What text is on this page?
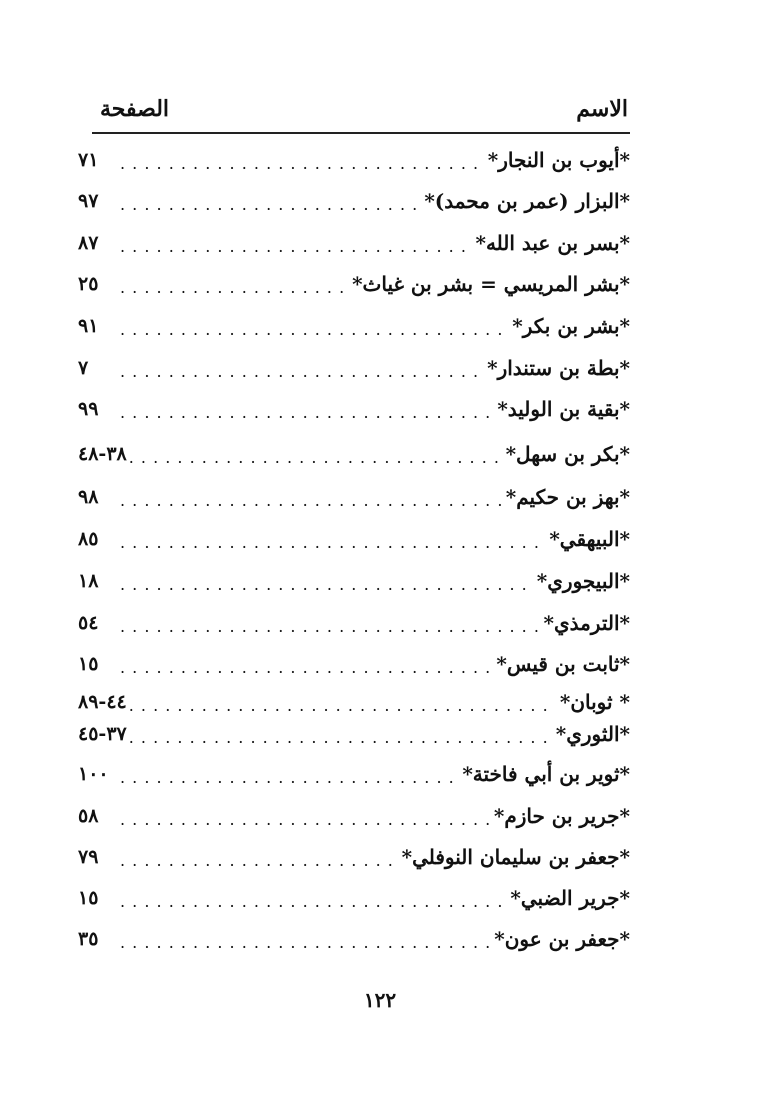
الاسم
الصفحة
*أيوب بن النجار*
. . .
٧١
*البزار (عمر بن محمد)*
. . .
٩٧
*بسر بن عبد الله*
. . .
٨٧
*بشر المريسي = بشر بن غياث*
. . .
٢٥
*بشر بن بكر*
. . .
٩١
*بطة بن ستندار*
. . .
٧
*بقية بن الوليد*
. . .
٩٩
*بكر بن سهل*
. . .
٣٨-٤٨
*بهز بن حكيم*
. . .
٩٨
*البيهقي*
. . .
٨٥
*البيجوري*
. . .
١٨
*الترمذي*
. . .
٥٤
*ثابت بن قيس*
. . .
١٥
* ثوبان*
. . .
٤٤-٨٩
*الثوري*
. . .
٣٧-٤٥
*ثوير بن أبي فاختة*
. . .
١٠٠
*جرير بن حازم*
. . .
٥٨
*جعفر بن سليمان النوفلي*
. . .
٧٩
*جرير الضبي*
. . .
١٥
*جعفر بن عون*
. . .
٣٥
١٢٢
